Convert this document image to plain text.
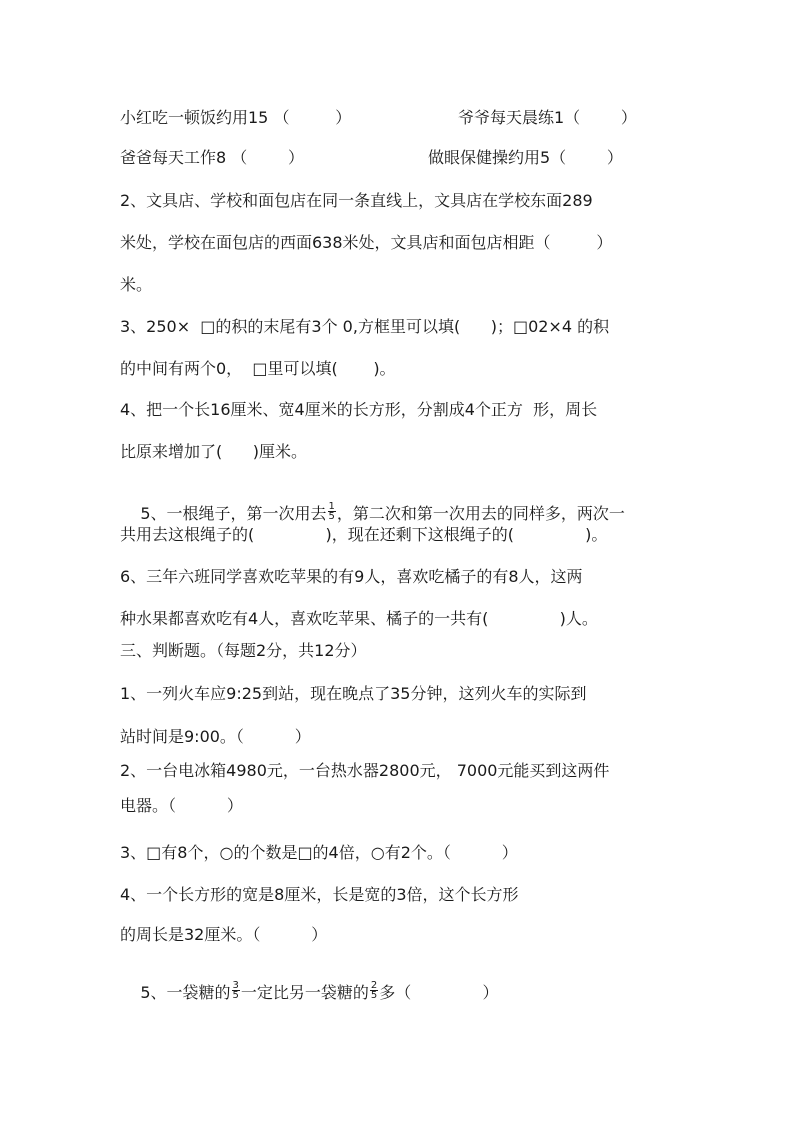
小红吃一顿饭约用15 （         ）	爷爷每天晨练1（        ）
爸爸每天工作8 （        ）	做眼保健操约用5（        ）
2、文具店、学校和面包店在同一条直线上，文具店在学校东面289
米处，学校在面包店的西面638米处，文具店和面包店相距（         ）
米。
3、250×  □的积的末尾有3个 0,方框里可以填(      )；□02×4 的积
的中间有两个0，  □里可以填(       )。
4、把一个长16厘米、宽4厘米的长方形，分割成4个正方  形，周长
比原来增加了(      )厘米。

5、一根绳子，第一次用去 $\frac{1}{5}$ ，第二次和第一次用去的同样多，两次一

共用去这根绳子的(              )，现在还剩下这根绳子的(              )。
6、三年六班同学喜欢吃苹果的有9人，喜欢吃橘子的有8人，这两
种水果都喜欢吃有4人，喜欢吃苹果、橘子的一共有(              )人。
三、判断题。（每题2分，共12分）
1、一列火车应9:25到站，现在晚点了35分钟，这列火车的实际到
站时间是9:00。（          ）
2、一台电冰箱4980元，一台热水器2800元， 7000元能买到这两件
电器。（          ）
3、□有8个，○的个数是□的4倍，○有2个。（          ）
4、一个长方形的宽是8厘米，长是宽的3倍，这个长方形
的周长是32厘米。（          ）

5、一袋糖的 $\frac{3}{5}$ 一定比另一袋糖的 $\frac{2}{5}$ 多（              ）
